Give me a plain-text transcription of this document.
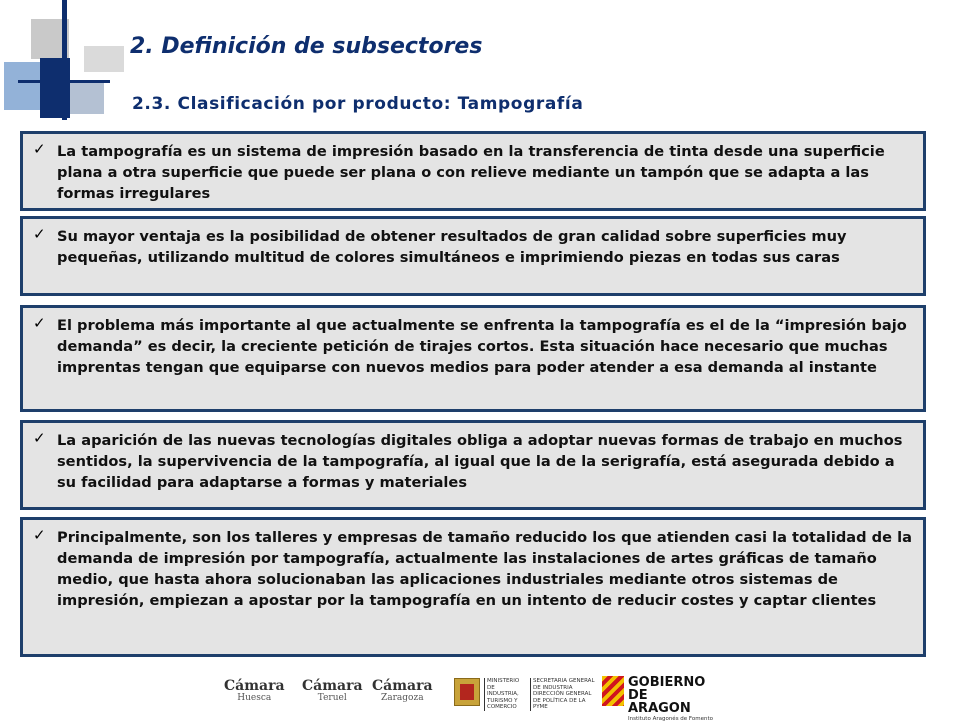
2. Definición de subsectores
2.3. Clasificación por producto: Tampografía
✓ La tampografía es un sistema de impresión basado en la transferencia de tinta desde una superficie plana a otra superficie que puede ser plana o con relieve mediante un tampón que se adapta a las formas irregulares

✓ Su mayor ventaja es la posibilidad de obtener resultados de gran calidad sobre superficies muy pequeñas, utilizando multitud de colores simultáneos e imprimiendo piezas en todas sus caras

✓ El problema más importante al que actualmente se enfrenta la tampografía es el de la “impresión bajo demanda” es decir, la creciente petición de tirajes cortos. Esta situación hace necesario que muchas imprentas tengan que equiparse con nuevos medios para poder atender a esa demanda al instante

✓ La aparición de las nuevas tecnologías digitales obliga a adoptar nuevas formas de trabajo en muchos sentidos, la supervivencia de la tampografía, al igual que la de la serigrafía, está asegurada debido a su facilidad para adaptarse a formas y materiales

✓ Principalmente, son los talleres y empresas de tamaño reducido los que atienden casi la totalidad de la demanda de impresión por tampografía, actualmente las instalaciones de artes gráficas de tamaño medio, que hasta ahora solucionaban las aplicaciones industriales mediante otros sistemas de impresión, empiezan a apostar por la tampografía en un intento de reducir costes y captar clientes

Cámara
Huesca
Cámara
Teruel
Cámara
Zaragoza
MINISTERIO DE INDUSTRIA, TURISMO Y COMERCIO
SECRETARIA GENERAL DE INDUSTRIA DIRECCIÓN GENERAL DE POLÍTICA DE LA PYME
GOBIERNO
DE ARAGON
Instituto Aragonés de Fomento
